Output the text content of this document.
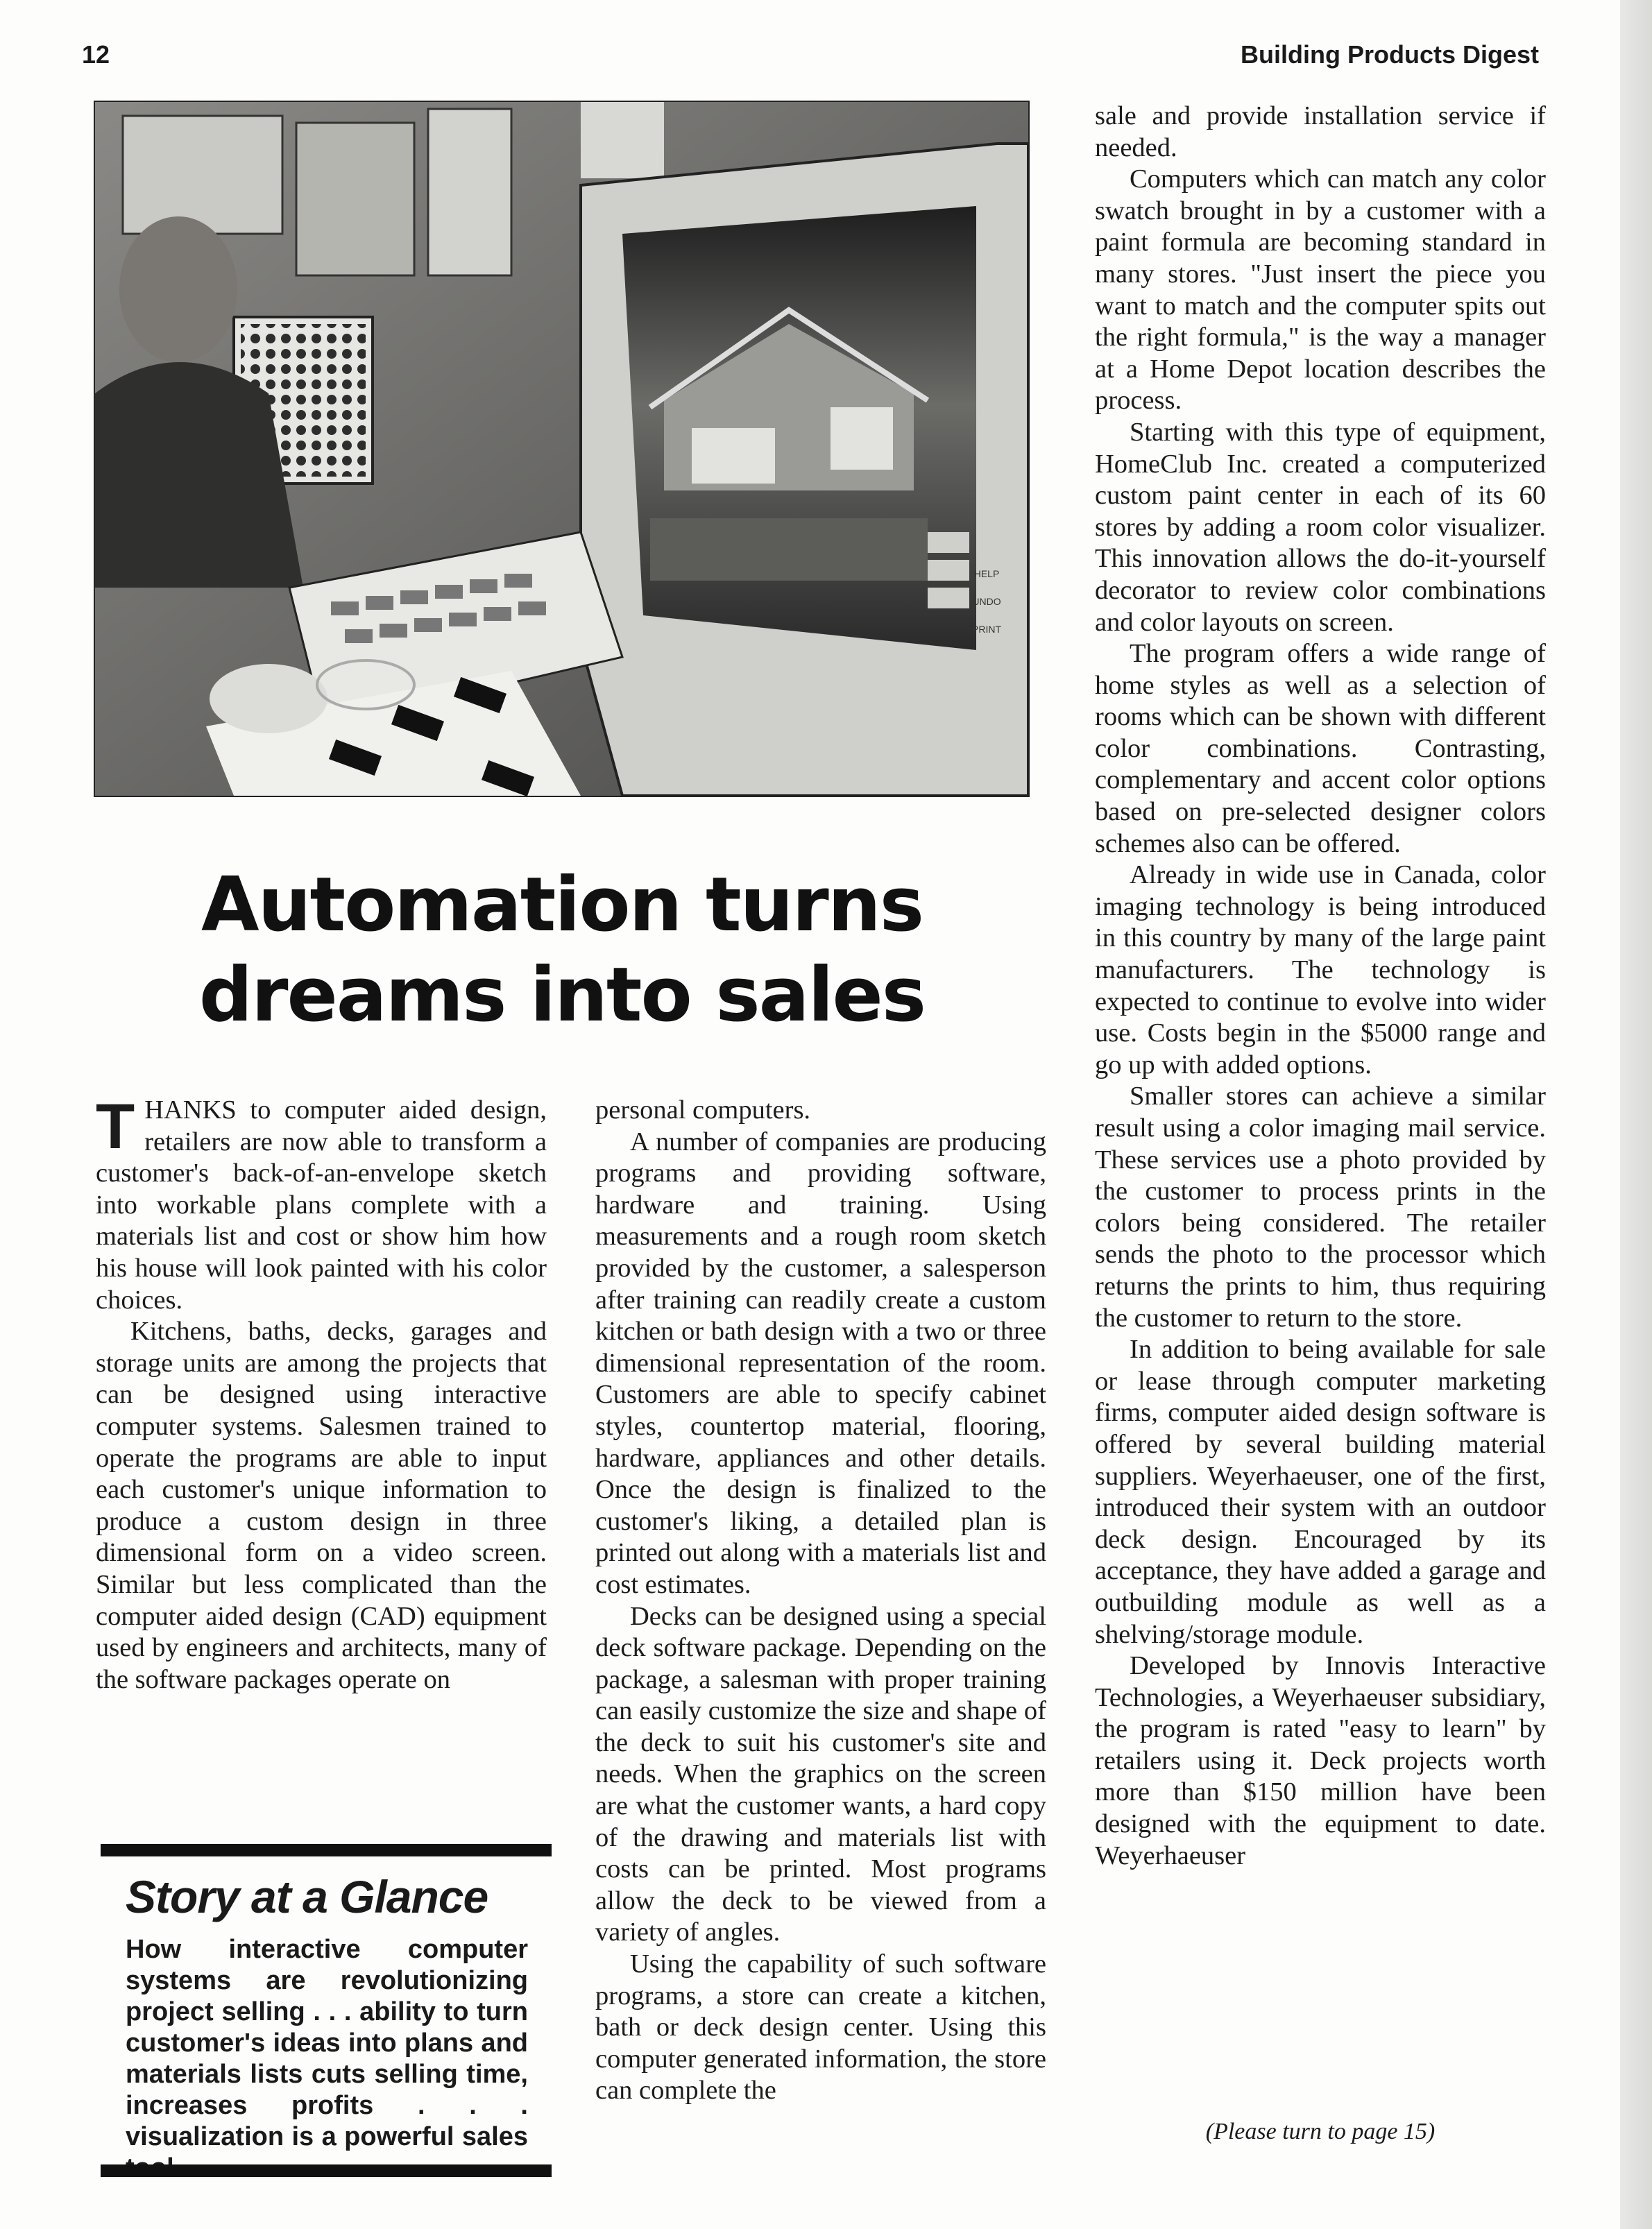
12	Building Products Digest
HELP
UNDO
PRINT
Automation turns dreams into sales

THANKS to computer aided design, retailers are now able to transform a customer's back-of-an-envelope sketch into workable plans complete with a materials list and cost or show him how his house will look painted with his color choices.

Kitchens, baths, decks, garages and storage units are among the projects that can be designed using interactive computer systems. Salesmen trained to operate the programs are able to input each customer's unique information to produce a custom design in three dimensional form on a video screen. Similar but less complicated than the computer aided design (CAD) equipment used by engineers and architects, many of the software packages operate on

personal computers.

A number of companies are producing programs and providing software, hardware and training. Using measurements and a rough room sketch provided by the customer, a salesperson after training can readily create a custom kitchen or bath design with a two or three dimensional representation of the room. Customers are able to specify cabinet styles, countertop material, flooring, hardware, appliances and other details. Once the design is finalized to the customer's liking, a detailed plan is printed out along with a materials list and cost estimates.

Decks can be designed using a special deck software package. Depending on the package, a salesman with proper training can easily customize the size and shape of the deck to suit his customer's site and needs. When the graphics on the screen are what the customer wants, a hard copy of the drawing and materials list with costs can be printed. Most programs allow the deck to be viewed from a variety of angles.

Using the capability of such software programs, a store can create a kitchen, bath or deck design center. Using this computer generated information, the store can complete the

sale and provide installation service if needed.

Computers which can match any color swatch brought in by a customer with a paint formula are becoming standard in many stores. "Just insert the piece you want to match and the computer spits out the right formula," is the way a manager at a Home Depot location describes the process.

Starting with this type of equipment, HomeClub Inc. created a computerized custom paint center in each of its 60 stores by adding a room color visualizer. This innovation allows the do-it-yourself decorator to review color combinations and color layouts on screen.

The program offers a wide range of home styles as well as a selection of rooms which can be shown with different color combinations. Contrasting, complementary and accent color options based on pre-selected designer colors schemes also can be offered.

Already in wide use in Canada, color imaging technology is being introduced in this country by many of the large paint manufacturers. The technology is expected to continue to evolve into wider use. Costs begin in the $5000 range and go up with added options.

Smaller stores can achieve a similar result using a color imaging mail service. These services use a photo provided by the customer to process prints in the colors being considered. The retailer sends the photo to the processor which returns the prints to him, thus requiring the customer to return to the store.

In addition to being available for sale or lease through computer marketing firms, computer aided design software is offered by several building material suppliers. Weyerhaeuser, one of the first, introduced their system with an outdoor deck design. Encouraged by its acceptance, they have added a garage and outbuilding module as well as a shelving/storage module.

Developed by Innovis Interactive Technologies, a Weyerhaeuser subsidiary, the program is rated "easy to learn" by retailers using it. Deck projects worth more than $150 million have been designed with the equipment to date. Weyerhaeuser

(Please turn to page 15)
Story at a Glance
How interactive computer systems are revolutionizing project selling . . . ability to turn customer's ideas into plans and materials lists cuts selling time, increases profits . . . visualization is a powerful sales
